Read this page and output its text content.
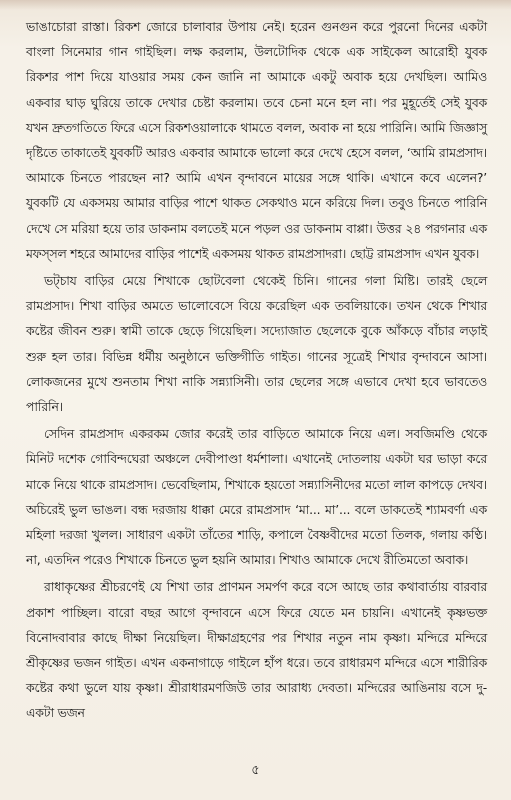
ভাঙাচোরা রাস্তা। রিকশ জোরে চালাবার উপায় নেই। হরেন গুনগুন করে পুরনো দিনের একটা বাংলা সিনেমার গান গাইছিল। লক্ষ করলাম, উলটোদিক থেকে এক সাইকেল আরোহী যুবক রিকশর পাশ দিয়ে যাওয়ার সময় কেন জানি না আমাকে একটু অবাক হয়ে দেখছিল। আমিও একবার ঘাড় ঘুরিয়ে তাকে দেখার চেষ্টা করলাম। তবে চেনা মনে হল না। পর মুহূর্তেই সেই যুবক যখন দ্রুতগতিতে ফিরে এসে রিকশওয়ালাকে থামতে বলল, অবাক না হয়ে পারিনি। আমি জিজ্ঞাসু দৃষ্টিতে তাকাতেই যুবকটি আরও একবার আমাকে ভালো করে দেখে হেসে বলল, ‘আমি রামপ্রসাদ। আমাকে চিনতে পারছেন না? আমি এখন বৃন্দাবনে মায়ের সঙ্গে থাকি। এখানে কবে এলেন?’ যুবকটি যে একসময় আমার বাড়ির পাশে থাকত সেকথাও মনে করিয়ে দিল। তবুও চিনতে পারিনি দেখে সে মরিয়া হয়ে তার ডাকনাম বলতেই মনে পড়ল ওর ডাকনাম বাপ্পা। উত্তর ২৪ পরগনার এক মফস্সল শহরে আমাদের বাড়ির পাশেই একসময় থাকত রামপ্রসাদরা। ছোট্ট রামপ্রসাদ এখন যুবক।

ভট্চায বাড়ির মেয়ে শিখাকে ছোটবেলা থেকেই চিনি। গানের গলা মিষ্টি। তারই ছেলে রামপ্রসাদ। শিখা বাড়ির অমতে ভালোবেসে বিয়ে করেছিল এক তবলিয়াকে। তখন থেকে শিখার কষ্টের জীবন শুরু। স্বামী তাকে ছেড়ে গিয়েছিল। সদ্যোজাত ছেলেকে বুকে আঁকড়ে বাঁচার লড়াই শুরু হল তার। বিভিন্ন ধর্মীয় অনুষ্ঠানে ভক্তিগীতি গাইত। গানের সূত্রেই শিখার বৃন্দাবনে আসা। লোকজনের মুখে শুনতাম শিখা নাকি সন্ন্যাসিনী। তার ছেলের সঙ্গে এভাবে দেখা হবে ভাবতেও পারিনি।

সেদিন রামপ্রসাদ একরকম জোর করেই তার বাড়িতে আমাকে নিয়ে এল। সবজিমণ্ডি থেকে মিনিট দশেক গোবিন্দঘেরা অঞ্চলে দেবীপাণ্ডা ধর্মশালা। এখানেই দোতলায় একটা ঘর ভাড়া করে মাকে নিয়ে থাকে রামপ্রসাদ। ভেবেছিলাম, শিখাকে হয়তো সন্ন্যাসিনীদের মতো লাল কাপড়ে দেখব। অচিরেই ভুল ভাঙল। বন্ধ দরজায় ধাক্কা মেরে রামপ্রসাদ ‘মা... মা’... বলে ডাকতেই শ্যামবর্ণা এক মহিলা দরজা খুলল। সাধারণ একটা তাঁতের শাড়ি, কপালে বৈষ্ণবীদের মতো তিলক, গলায় কণ্ঠি। না, এতদিন পরেও শিখাকে চিনতে ভুল হয়নি আমার। শিখাও আমাকে দেখে রীতিমতো অবাক।

রাধাকৃষ্ণের শ্রীচরণেই যে শিখা তার প্রাণমন সমর্পণ করে বসে আছে তার কথাবার্তায় বারবার প্রকাশ পাচ্ছিল। বারো বছর আগে বৃন্দাবনে এসে ফিরে যেতে মন চায়নি। এখানেই কৃষ্ণভক্ত বিনোদবাবার কাছে দীক্ষা নিয়েছিল। দীক্ষাগ্রহণের পর শিখার নতুন নাম কৃষ্ণা। মন্দিরে মন্দিরে শ্রীকৃষ্ণের ভজন গাইত। এখন একনাগাড়ে গাইলে হাঁপ ধরে। তবে রাধারমণ মন্দিরে এসে শারীরিক কষ্টের কথা ভুলে যায় কৃষ্ণা। শ্রীরাধারমণজিউ তার আরাধ্য দেবতা। মন্দিরের আঙিনায় বসে দু-একটা ভজন

৫
